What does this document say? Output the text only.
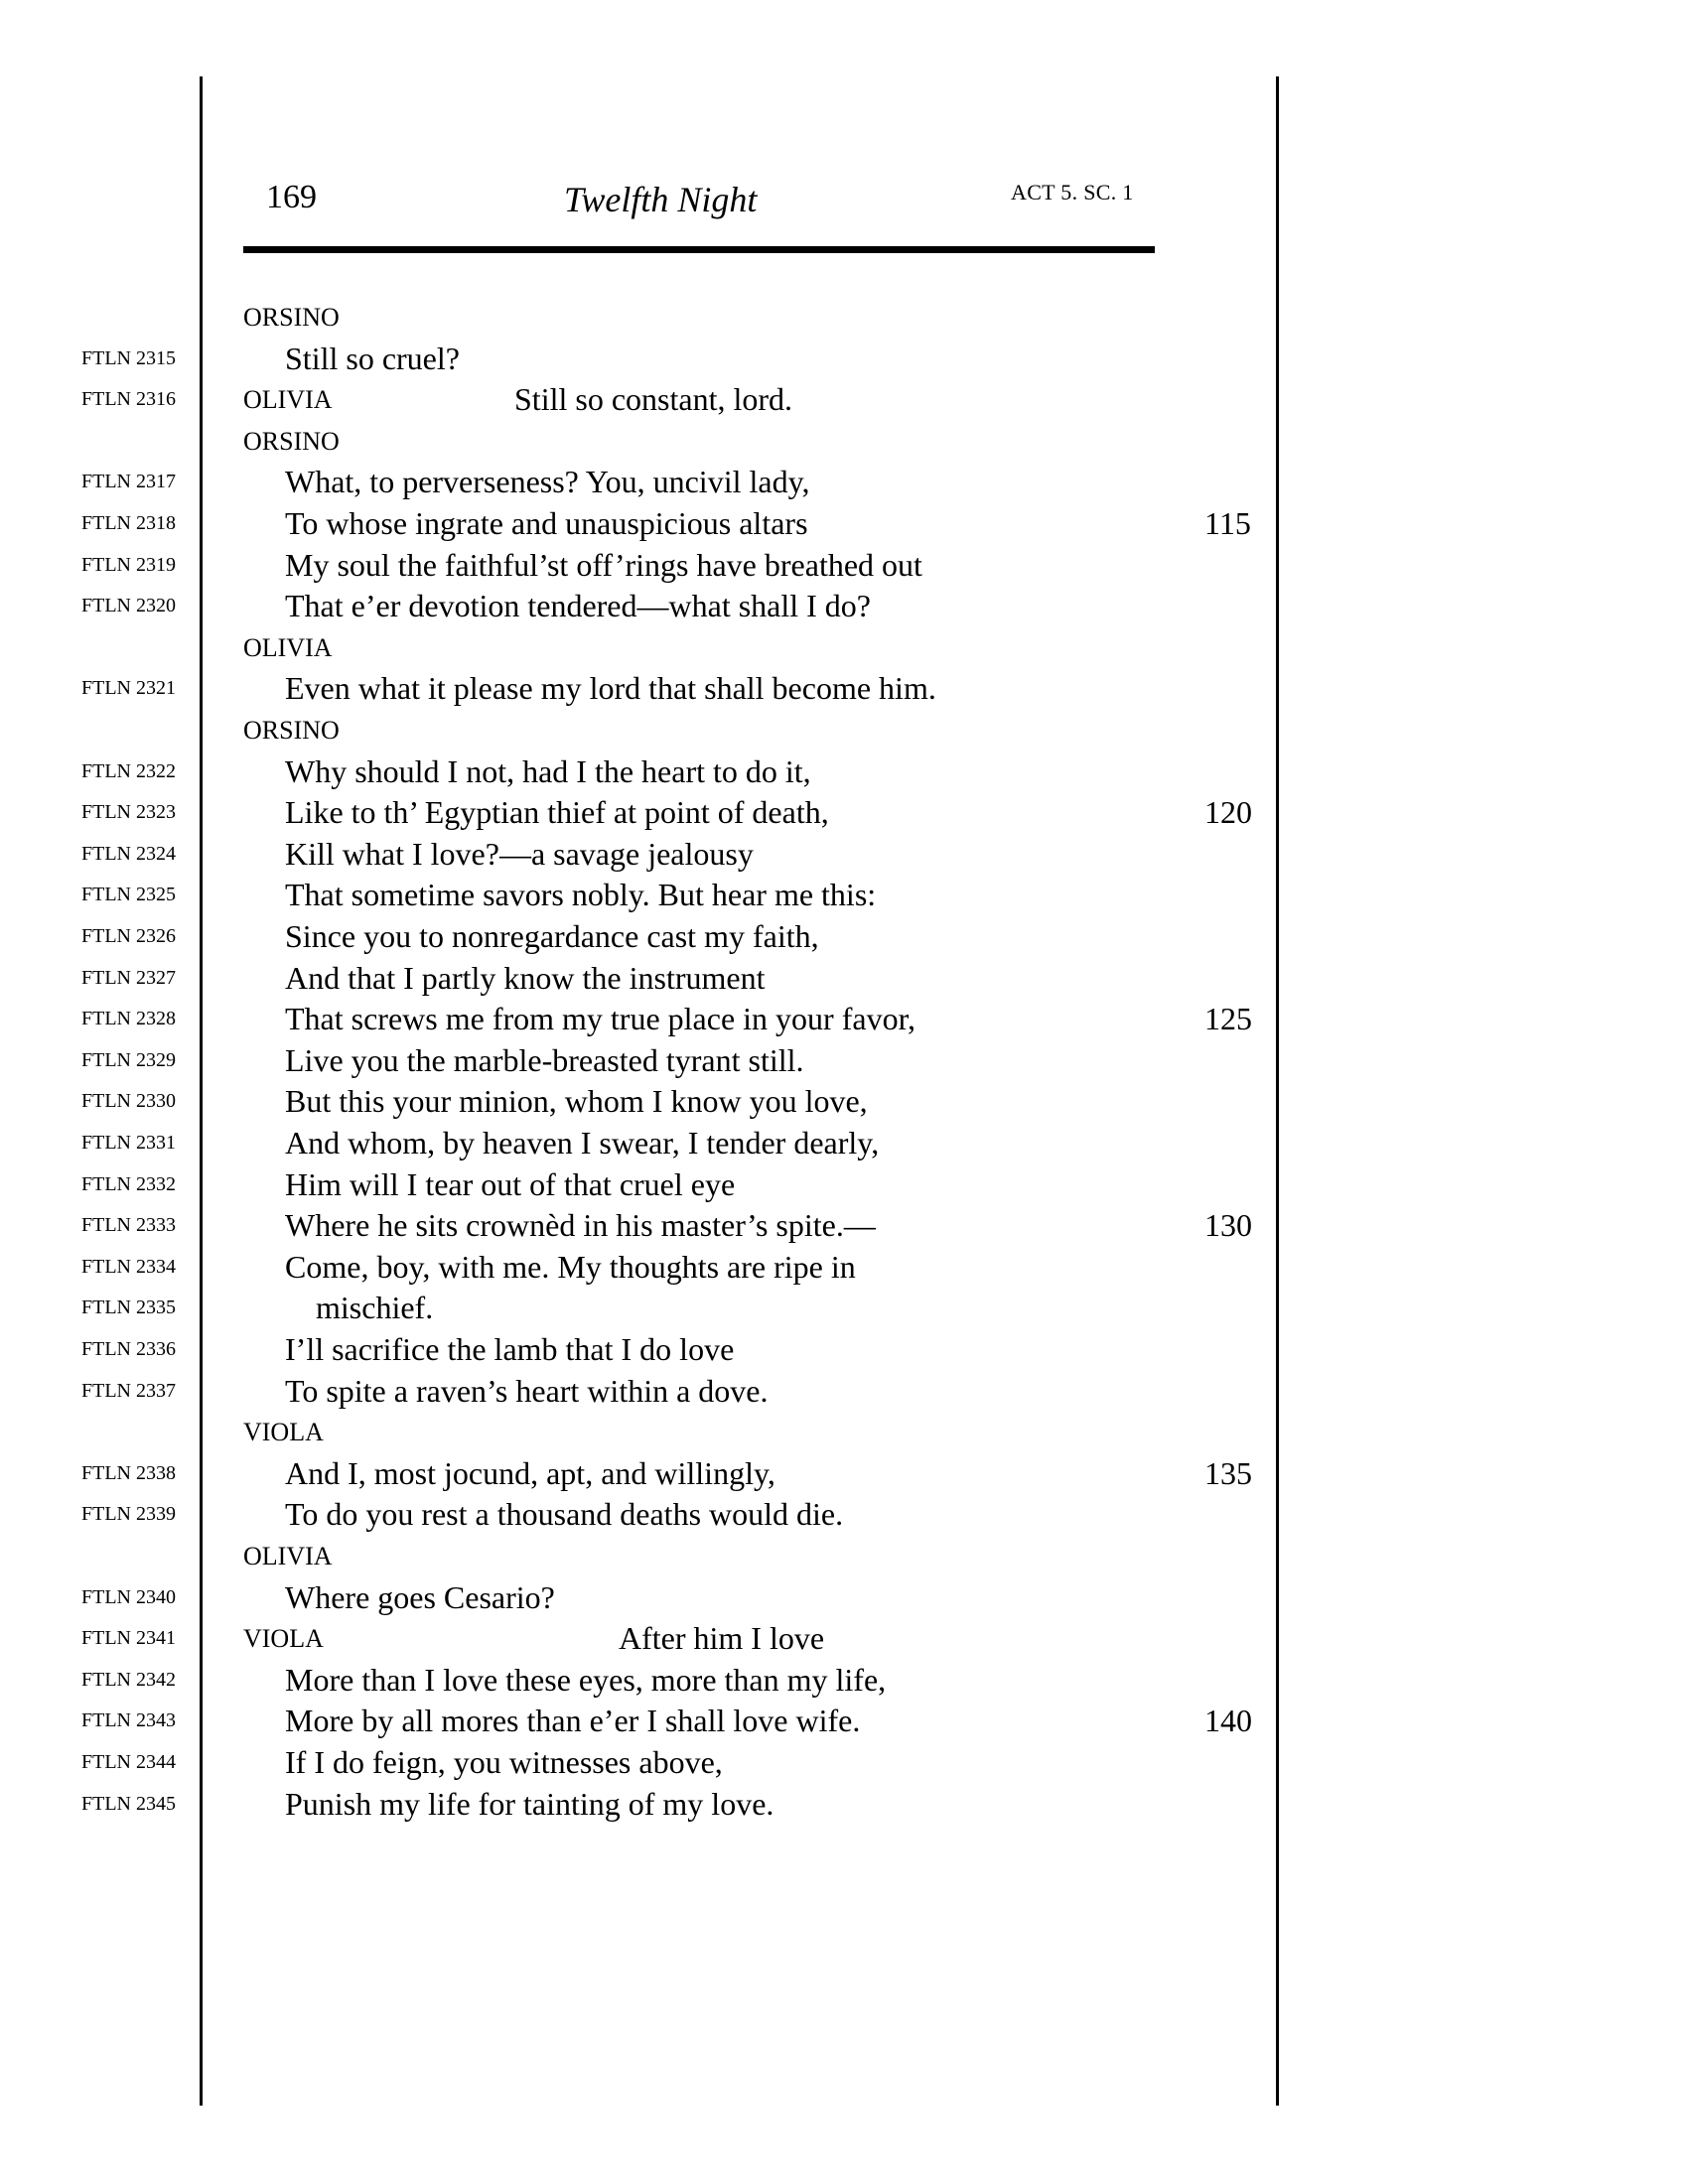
169	Twelfth Night	ACT 5. SC. 1
ORSINO
FTLN 2315	Still so cruel?
FTLN 2316	OLIVIA	Still so constant, lord.
ORSINO
FTLN 2317	What, to perverseness? You, uncivil lady,
FTLN 2318	To whose ingrate and unauspicious altars	115
FTLN 2319	My soul the faithful’st off’rings have breathed out
FTLN 2320	That e’er devotion tendered—what shall I do?
OLIVIA
FTLN 2321	Even what it please my lord that shall become him.
ORSINO
FTLN 2322	Why should I not, had I the heart to do it,
FTLN 2323	Like to th’ Egyptian thief at point of death,	120
FTLN 2324	Kill what I love?—a savage jealousy
FTLN 2325	That sometime savors nobly. But hear me this:
FTLN 2326	Since you to nonregardance cast my faith,
FTLN 2327	And that I partly know the instrument
FTLN 2328	That screws me from my true place in your favor,	125
FTLN 2329	Live you the marble-breasted tyrant still.
FTLN 2330	But this your minion, whom I know you love,
FTLN 2331	And whom, by heaven I swear, I tender dearly,
FTLN 2332	Him will I tear out of that cruel eye
FTLN 2333	Where he sits crownèd in his master’s spite.—	130
FTLN 2334	Come, boy, with me. My thoughts are ripe in
FTLN 2335	mischief.
FTLN 2336	I’ll sacrifice the lamb that I do love
FTLN 2337	To spite a raven’s heart within a dove.
VIOLA
FTLN 2338	And I, most jocund, apt, and willingly,	135
FTLN 2339	To do you rest a thousand deaths would die.
OLIVIA
FTLN 2340	Where goes Cesario?
FTLN 2341	VIOLA	After him I love
FTLN 2342	More than I love these eyes, more than my life,
FTLN 2343	More by all mores than e’er I shall love wife.	140
FTLN 2344	If I do feign, you witnesses above,
FTLN 2345	Punish my life for tainting of my love.
